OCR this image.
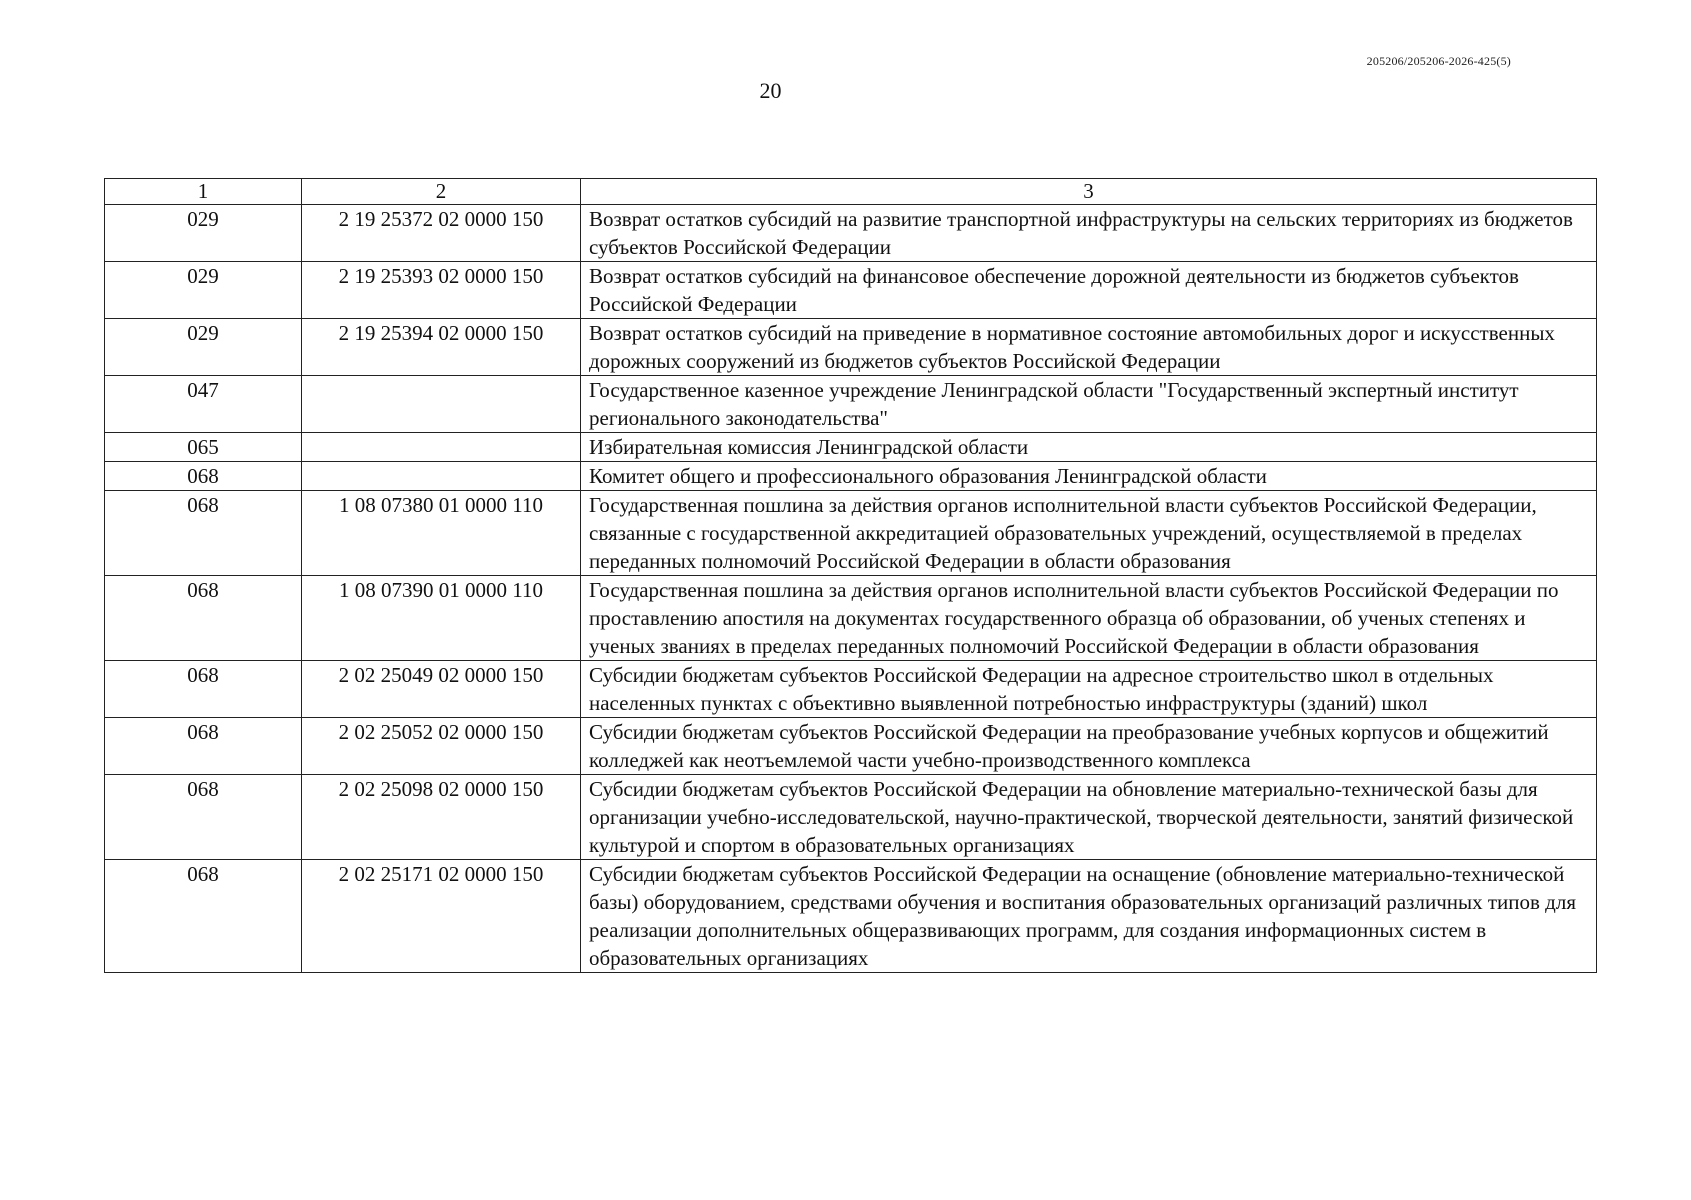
205206/205206-2026-425(5)
20
1	2	3
029	2 19 25372 02 0000 150	Возврат остатков субсидий на развитие транспортной инфраструктуры на сельских территориях из бюджетов субъектов Российской Федерации
029	2 19 25393 02 0000 150	Возврат остатков субсидий на финансовое обеспечение дорожной деятельности из бюджетов субъектов Российской Федерации
029	2 19 25394 02 0000 150	Возврат остатков субсидий на приведение в нормативное состояние автомобильных дорог и искусственных дорожных сооружений из бюджетов субъектов Российской Федерации
047		Государственное казенное учреждение Ленинградской области "Государственный экспертный институт регионального законодательства"
065		Избирательная комиссия Ленинградской области
068		Комитет общего и профессионального образования Ленинградской области
068	1 08 07380 01 0000 110	Государственная пошлина за действия органов исполнительной власти субъектов Российской Федерации, связанные с государственной аккредитацией образовательных учреждений, осуществляемой в пределах переданных полномочий Российской Федерации в области образования
068	1 08 07390 01 0000 110	Государственная пошлина за действия органов исполнительной власти субъектов Российской Федерации по проставлению апостиля на документах государственного образца об образовании, об ученых степенях и ученых званиях в пределах переданных полномочий Российской Федерации в области образования
068	2 02 25049 02 0000 150	Субсидии бюджетам субъектов Российской Федерации на адресное строительство школ в отдельных населенных пунктах с объективно выявленной потребностью инфраструктуры (зданий) школ
068	2 02 25052 02 0000 150	Субсидии бюджетам субъектов Российской Федерации на преобразование учебных корпусов и общежитий колледжей как неотъемлемой части учебно-производственного комплекса
068	2 02 25098 02 0000 150	Субсидии бюджетам субъектов Российской Федерации на обновление материально-технической базы для организации учебно-исследовательской, научно-практической, творческой деятельности, занятий физической культурой и спортом в образовательных организациях
068	2 02 25171 02 0000 150	Субсидии бюджетам субъектов Российской Федерации на оснащение (обновление материально-технической базы) оборудованием, средствами обучения и воспитания образовательных организаций различных типов для реализации дополнительных общеразвивающих программ, для создания информационных систем в образовательных организациях
